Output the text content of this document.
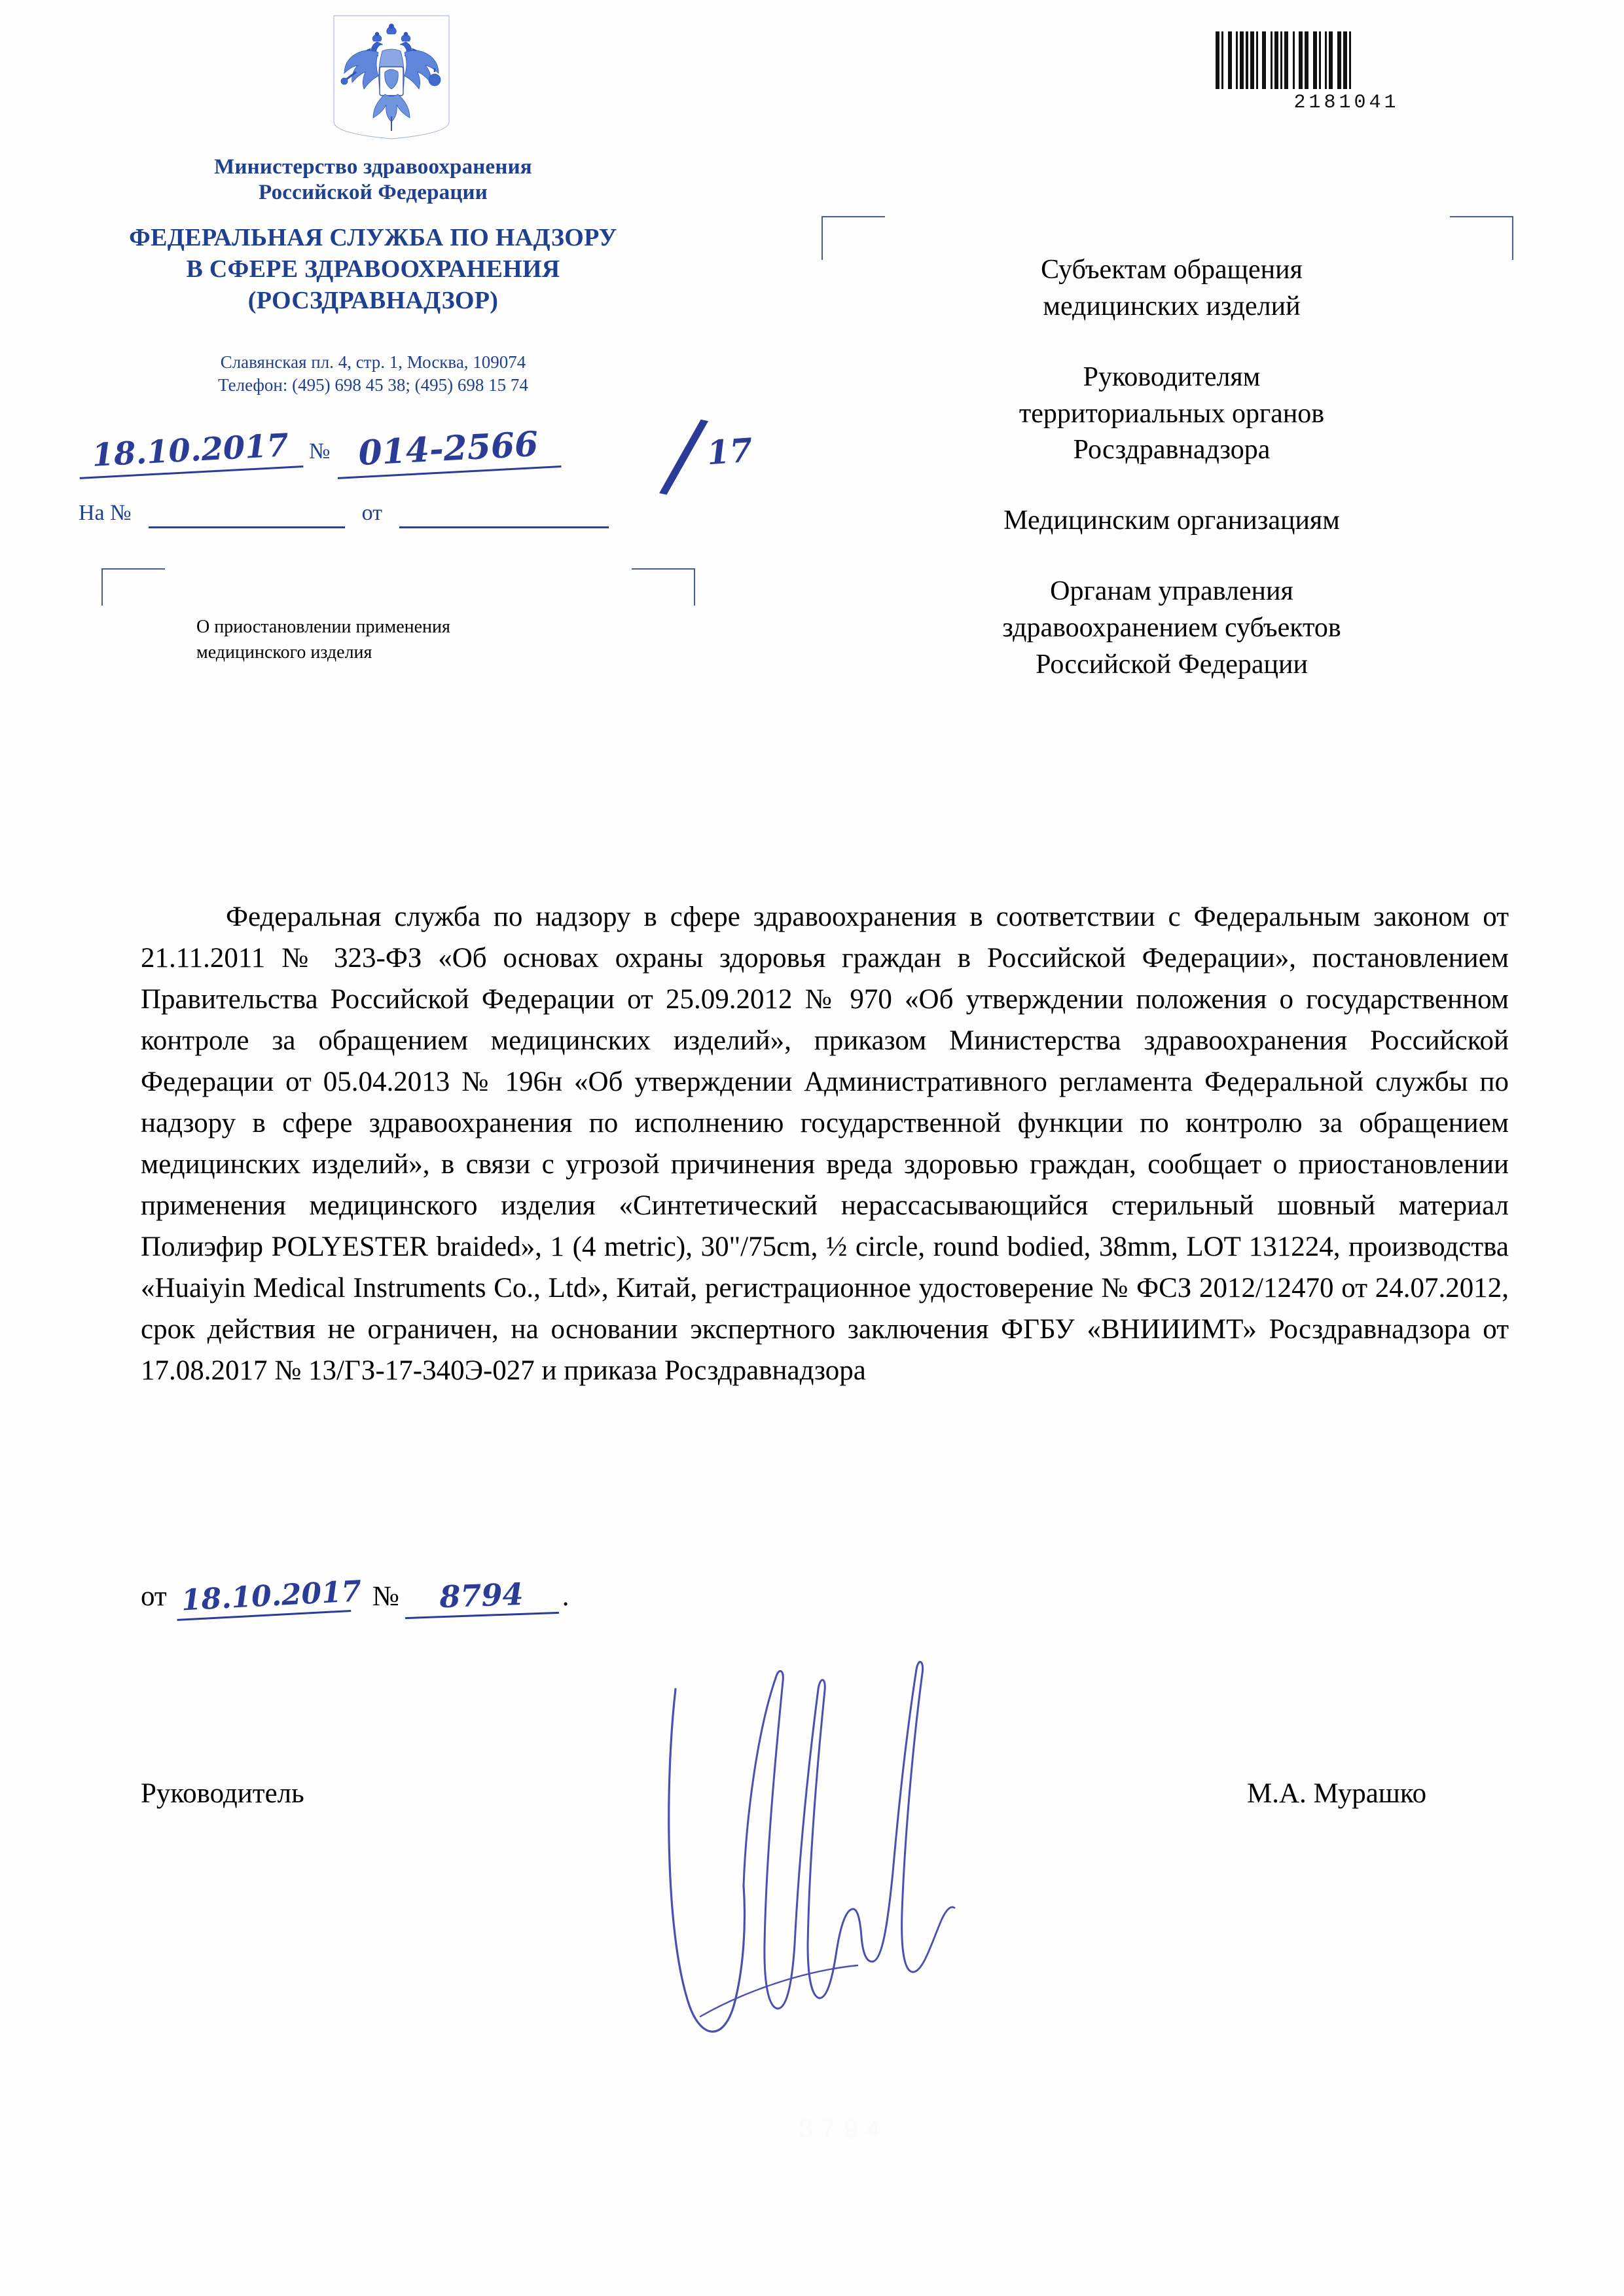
2181041
Министерство здравоохранения
Российской Федерации
ФЕДЕРАЛЬНАЯ СЛУЖБА ПО НАДЗОРУ
В СФЕРЕ ЗДРАВООХРАНЕНИЯ
(РОСЗДРАВНАДЗОР)
Славянская пл. 4, стр. 1, Москва, 109074
Телефон: (495) 698 45 38; (495) 698 15 74
18.10.2017 № 014-2566 /
17
На №	от
О приостановлении применения
медицинского изделия
Субъектам обращения
медицинских изделий
Руководителям
территориальных органов
Росздравнадзора
Медицинским организациям
Органам управления
здравоохранением субъектов
Российской Федерации

Федеральная служба по надзору в сфере здравоохранения в соответствии с Федеральным законом от 21.11.2011 № 323-ФЗ «Об основах охраны здоровья граждан в Российской Федерации», постановлением Правительства Российской Федерации от 25.09.2012 № 970 «Об утверждении положения о государственном контроле за обращением медицинских изделий», приказом Министерства здравоохранения Российской Федерации от 05.04.2013 № 196н «Об утверждении Административного регламента Федеральной службы по надзору в сфере здравоохранения по исполнению государственной функции по контролю за обращением медицинских изделий», в связи с угрозой причинения вреда здоровью граждан, сообщает о приостановлении применения медицинского изделия «Синтетический нерассасывающийся стерильный шовный материал Полиэфир POLYESTER braided», 1 (4 metric), 30"/75cm, ½ circle, round bodied, 38mm, LOT 131224, производства «Huaiyin Medical Instruments Co., Ltd», Китай, регистрационное удостоверение № ФСЗ 2012/12470 от 24.07.2012, срок действия не ограничен, на основании экспертного заключения ФГБУ «ВНИИИМТ» Росздравнадзора от 17.08.2017 № 13/ГЗ-17-340Э-027 и приказа Росздравнадзора

от 18.10.2017 №	8794	.
Руководитель	М.А. Мурашко
8794
